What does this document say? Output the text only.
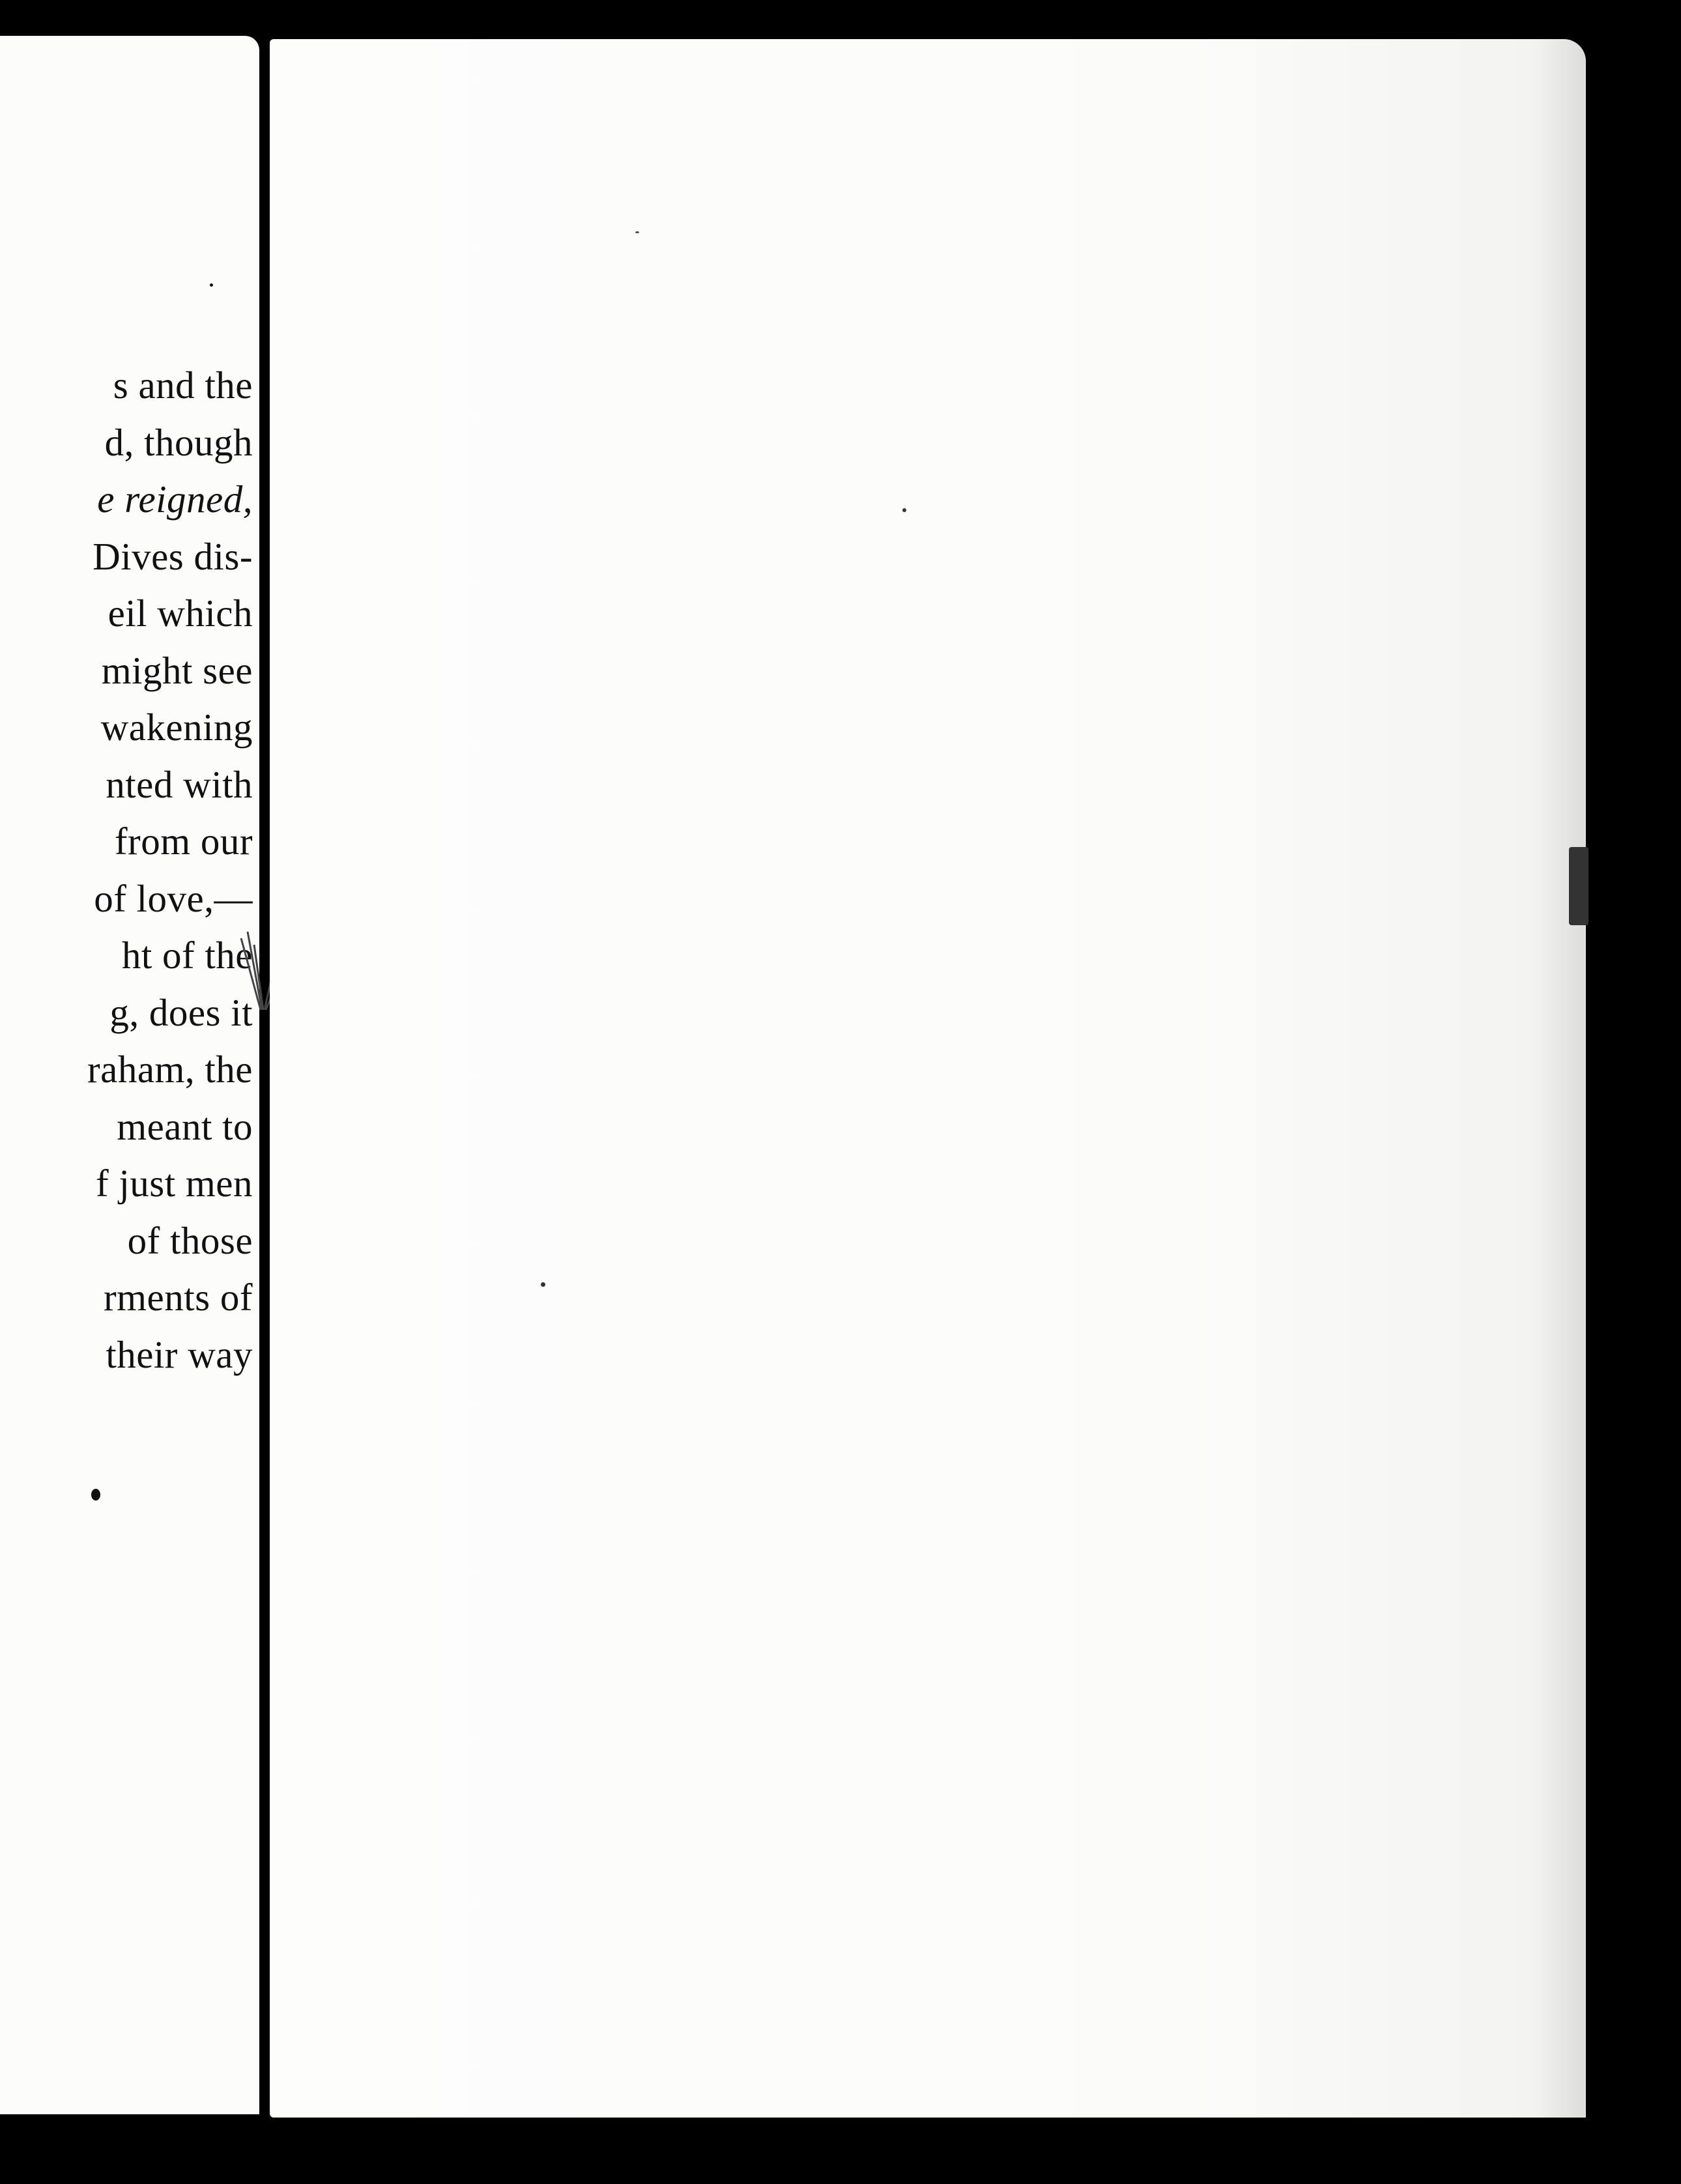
s and the
d, though
e reigned,
Dives dis-
eil which
might see
wakening
nted with
from our
of love,—
ht of the
g, does it
raham, the
meant to
f just men
of those
rments of
their way
